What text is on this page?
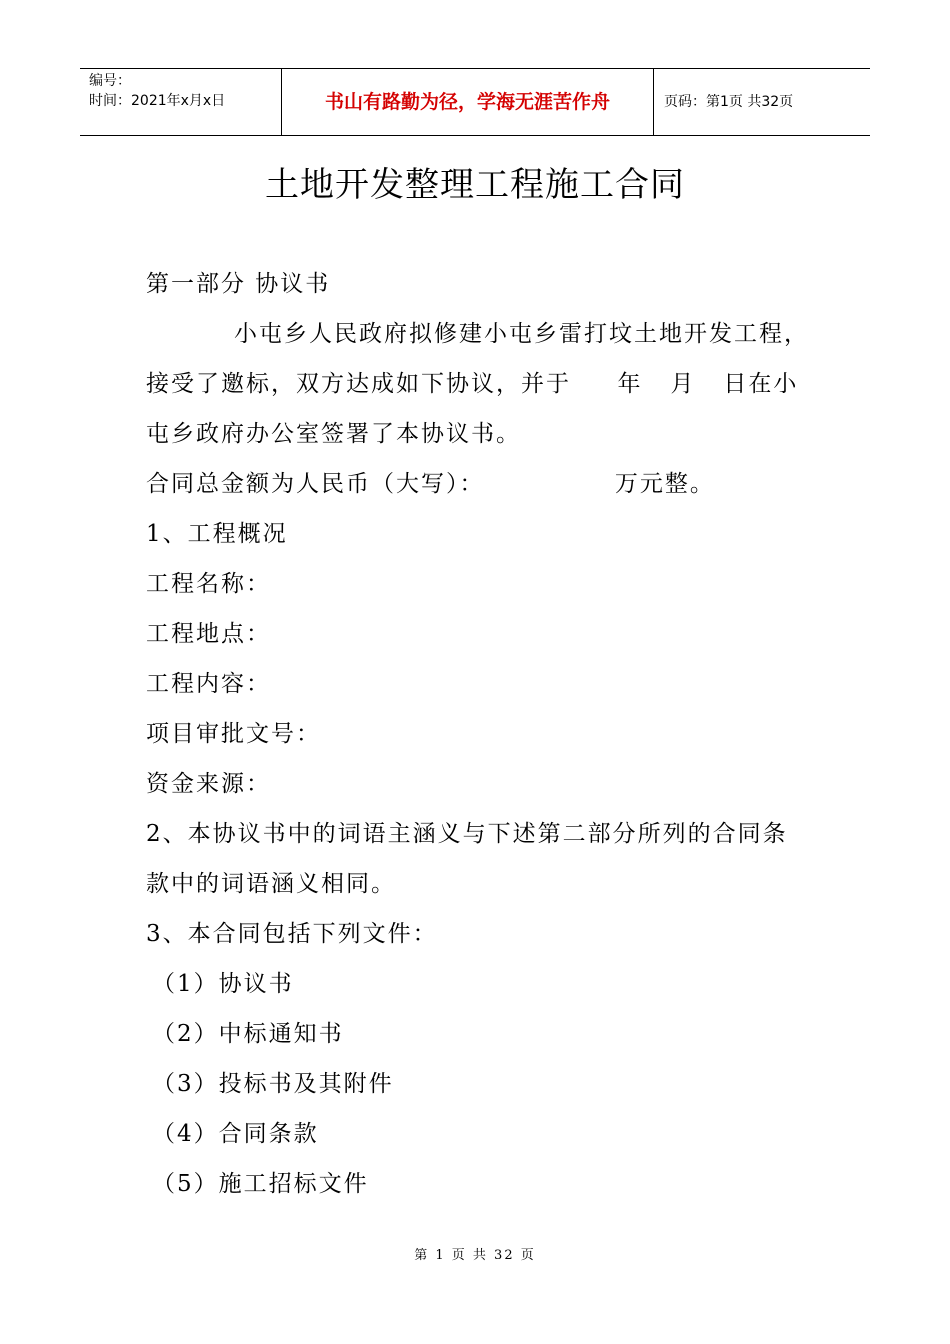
编号：
时间：2021年x月x日	书山有路勤为径，学海无涯苦作舟	页码：第1页 共32页
土地开发整理工程施工合同
第一部分 协议书
小屯乡人民政府拟修建小屯乡雷打坟土地开发工程，
接受了邀标，双方达成如下协议，并于     年   月   日在小
屯乡政府办公室签署了本协议书。
合同总金额为人民币（大写）：              万元整。
1、工程概况
工程名称：
工程地点：
工程内容：
项目审批文号：
资金来源：
2、本协议书中的词语主涵义与下述第二部分所列的合同条
款中的词语涵义相同。
3、本合同包括下列文件：
（1）协议书
（2）中标通知书
（3）投标书及其附件
（4）合同条款
（5）施工招标文件
第 1 页 共 32 页
